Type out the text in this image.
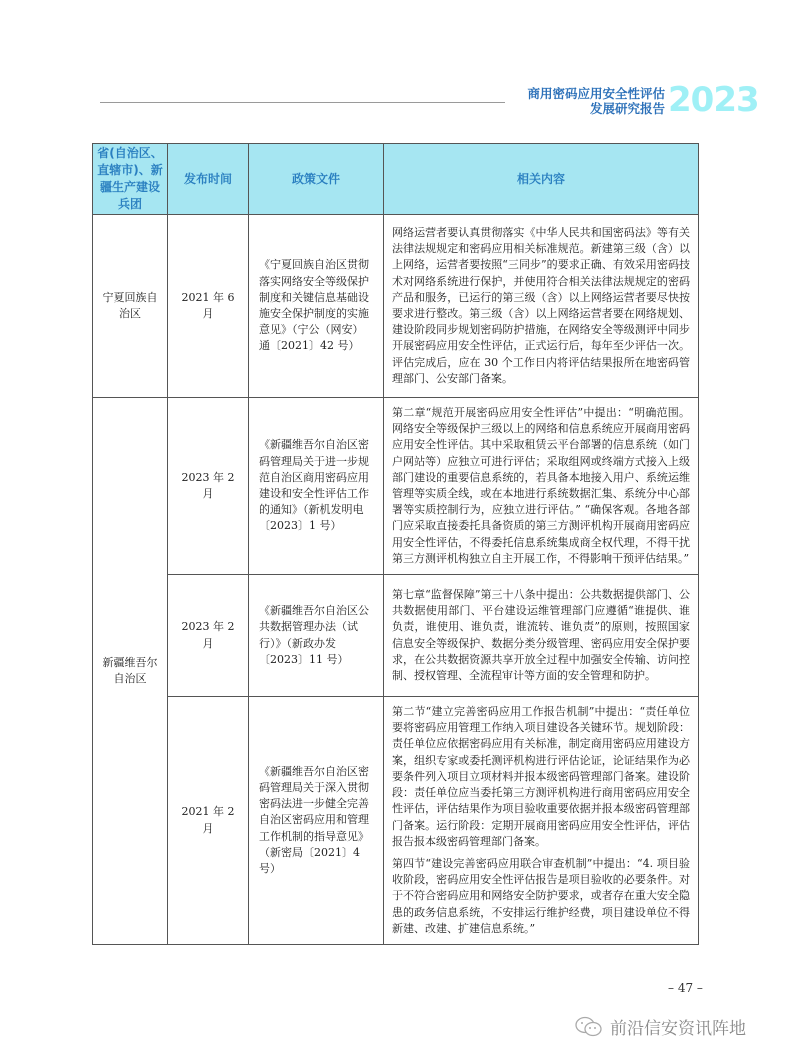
商用密码应用安全性评估
发展研究报告 2023
省(自治区、直辖市)、新疆生产建设兵团	发布时间	政策文件	相关内容
宁夏回族自治区	2021 年 6 月	《宁夏回族自治区贯彻落实网络安全等级保护制度和关键信息基础设施安全保护制度的实施意见》（宁公（网安）通〔2021〕42 号）	网络运营者要认真贯彻落实《中华人民共和国密码法》等有关法律法规规定和密码应用相关标准规范。新建第三级（含）以上网络，运营者要按照“三同步”的要求正确、有效采用密码技术对网络系统进行保护，并使用符合相关法律法规规定的密码产品和服务，已运行的第三级（含）以上网络运营者要尽快按要求进行整改。第三级（含）以上网络运营者要在网络规划、建设阶段同步规划密码防护措施，在网络安全等级测评中同步开展密码应用安全性评估，正式运行后，每年至少评估一次。评估完成后，应在 30 个工作日内将评估结果报所在地密码管理部门、公安部门备案。

新疆维吾尔自治区	2023 年 2 月	《新疆维吾尔自治区密码管理局关于进一步规范自治区商用密码应用建设和安全性评估工作的通知》（新机发明电〔2023〕1 号）	第二章“规范开展密码应用安全性评估”中提出：“明确范围。网络安全等级保护三级以上的网络和信息系统应开展商用密码应用安全性评估。其中采取租赁云平台部署的信息系统（如门户网站等）应独立可进行评估；采取组网或终端方式接入上级部门建设的重要信息系统的，若具备本地接入用户、系统运维管理等实质全线，或在本地进行系统数据汇集、系统分中心部署等实质控制行为，应独立进行评估。” “确保客观。各地各部门应采取直接委托具备资质的第三方测评机构开展商用密码应用安全性评估，不得委托信息系统集成商全权代理，不得干扰第三方测评机构独立自主开展工作，不得影响干预评估结果。”

	2023 年 2 月	《新疆维吾尔自治区公共数据管理办法（试行）》（新政办发〔2023〕11 号）	第七章“监督保障”第三十八条中提出：公共数据提供部门、公共数据使用部门、平台建设运维管理部门应遵循“谁提供、谁负责，谁使用、谁负责，谁流转、谁负责”的原则，按照国家信息安全等级保护、数据分类分级管理、密码应用安全保护要求，在公共数据资源共享开放全过程中加强安全传输、访问控制、授权管理、全流程审计等方面的安全管理和防护。

	2021 年 2 月	《新疆维吾尔自治区密码管理局关于深入贯彻密码法进一步健全完善自治区密码应用和管理工作机制的指导意见》（新密局〔2021〕4 号）	第二节“建立完善密码应用工作报告机制”中提出：“责任单位要将密码应用管理工作纳入项目建设各关键环节。规划阶段：责任单位应依据密码应用有关标准，制定商用密码应用建设方案，组织专家或委托测评机构进行评估论证，论证结果作为必要条件列入项目立项材料并报本级密码管理部门备案。建设阶段：责任单位应当委托第三方测评机构进行商用密码应用安全性评估，评估结果作为项目验收重要依据并报本级密码管理部门备案。运行阶段：定期开展商用密码应用安全性评估，评估报告报本级密码管理部门备案。

第四节“建设完善密码应用联合审查机制”中提出：“4. 项目验收阶段，密码应用安全性评估报告是项目验收的必要条件。对于不符合密码应用和网络安全防护要求，或者存在重大安全隐患的政务信息系统，不安排运行维护经费，项目建设单位不得新建、改建、扩建信息系统。”

– 47 –
前沿信安资讯阵地
